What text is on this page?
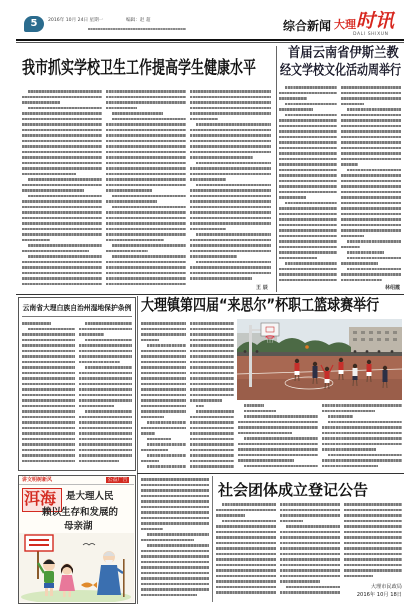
5	2016年 10月 24日 星期一	编辑：赵 超	综合新闻 大理 时讯
DALI SHIXUN
我市抓实学校卫生工作提高学生健康水平
王 辰
首届云南省伊斯兰教
经文学校文化活动周举行
林绍霞
云南省大理白族自治州湿地保护条例 大理镇第四届“来思尔”杯职工篮球赛举行
讲文明树新风	公益广告
洱海 是大理人民
赖以生存和发展的
母亲湖
社会团体成立登记公告
大理市民政局
2016年 10月 18日
